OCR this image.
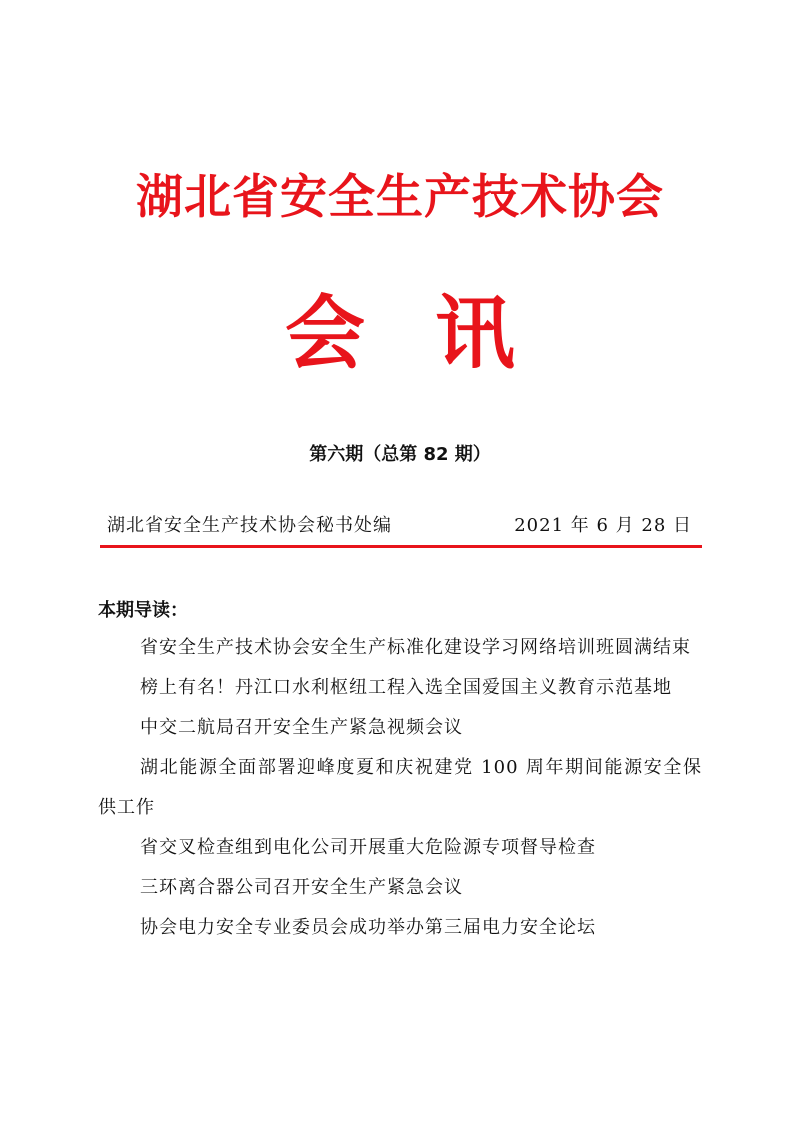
湖北省安全生产技术协会
会讯
第六期（总第 82 期）
湖北省安全生产技术协会秘书处编	2021 年 6 月 28 日
本期导读：
省安全生产技术协会安全生产标准化建设学习网络培训班圆满结束
榜上有名！丹江口水利枢纽工程入选全国爱国主义教育示范基地
中交二航局召开安全生产紧急视频会议
湖北能源全面部署迎峰度夏和庆祝建党 100 周年期间能源安全保供工作
省交叉检查组到电化公司开展重大危险源专项督导检查
三环离合器公司召开安全生产紧急会议
协会电力安全专业委员会成功举办第三届电力安全论坛
